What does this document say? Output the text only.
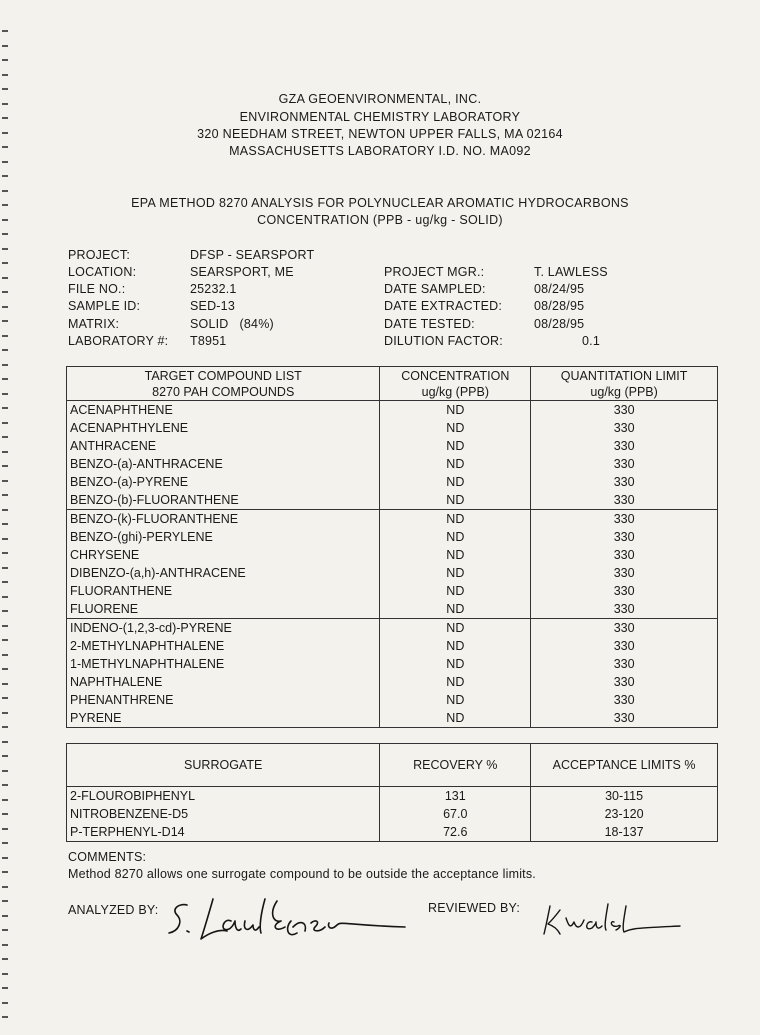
GZA GEOENVIRONMENTAL, INC.
ENVIRONMENTAL CHEMISTRY LABORATORY
320 NEEDHAM STREET, NEWTON UPPER FALLS, MA 02164
MASSACHUSETTS LABORATORY I.D. NO. MA092
EPA METHOD 8270 ANALYSIS FOR POLYNUCLEAR AROMATIC HYDROCARBONS
CONCENTRATION (PPB - ug/kg - SOLID)
PROJECT:	DFSP - SEARSPORT
LOCATION:	SEARSPORT, ME
FILE NO.:	25232.1
SAMPLE ID:	SED-13
MATRIX:	SOLID   (84%)
LABORATORY #: T8951
PROJECT MGR.:	T. LAWLESS
DATE SAMPLED:	08/24/95
DATE EXTRACTED:	08/28/95
DATE TESTED:	08/28/95
DILUTION FACTOR:	0.1
TARGET COMPOUND LIST	CONCENTRATION	QUANTITATION LIMIT
8270 PAH COMPOUNDS	ug/kg (PPB)	ug/kg (PPB)
ACENAPHTHENE	ND	330
ACENAPHTHYLENE	ND	330
ANTHRACENE	ND	330
BENZO-(a)-ANTHRACENE	ND	330
BENZO-(a)-PYRENE	ND	330
BENZO-(b)-FLUORANTHENE	ND	330
BENZO-(k)-FLUORANTHENE	ND	330
BENZO-(ghi)-PERYLENE	ND	330
CHRYSENE	ND	330
DIBENZO-(a,h)-ANTHRACENE	ND	330
FLUORANTHENE	ND	330
FLUORENE	ND	330
INDENO-(1,2,3-cd)-PYRENE	ND	330
2-METHYLNAPHTHALENE	ND	330
1-METHYLNAPHTHALENE	ND	330
NAPHTHALENE	ND	330
PHENANTHRENE	ND	330
PYRENE	ND	330
SURROGATE	RECOVERY %	ACCEPTANCE LIMITS %
2-FLOUROBIPHENYL	131	30-115
NITROBENZENE-D5	67.0	23-120
P-TERPHENYL-D14	72.6	18-137
COMMENTS:
Method 8270 allows one surrogate compound to be outside the acceptance limits.
ANALYZED BY:	REVIEWED BY:
